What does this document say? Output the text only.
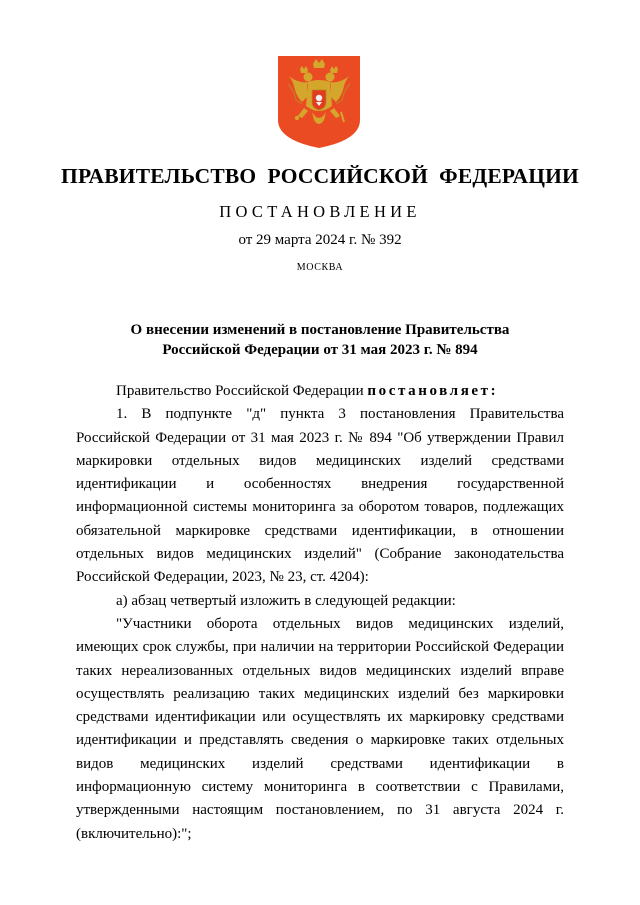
ПРАВИТЕЛЬСТВО  РОССИЙСКОЙ  ФЕДЕРАЦИИ
ПОСТАНОВЛЕНИЕ
от 29 марта 2024 г. № 392
МОСКВА
О внесении изменений в постановление Правительства
Российской Федерации от 31 мая 2023 г. № 894

Правительство Российской Федерации постановляет:

1. В подпункте "д" пункта 3 постановления Правительства Российской Федерации от 31 мая 2023 г. № 894 "Об утверждении Правил маркировки отдельных видов медицинских изделий средствами идентификации и особенностях внедрения государственной информационной системы мониторинга за оборотом товаров, подлежащих обязательной маркировке средствами идентификации, в отношении отдельных видов медицинских изделий" (Собрание законодательства Российской Федерации, 2023, № 23, ст. 4204):

а) абзац четвертый изложить в следующей редакции:

"Участники оборота отдельных видов медицинских изделий, имеющих срок службы, при наличии на территории Российской Федерации таких нереализованных отдельных видов медицинских изделий вправе осуществлять реализацию таких медицинских изделий без маркировки средствами идентификации или осуществлять их маркировку средствами идентификации и представлять сведения о маркировке таких отдельных видов медицинских изделий средствами идентификации в информационную систему мониторинга в соответствии с Правилами, утвержденными настоящим постановлением, по 31 августа 2024 г. (включительно):";
